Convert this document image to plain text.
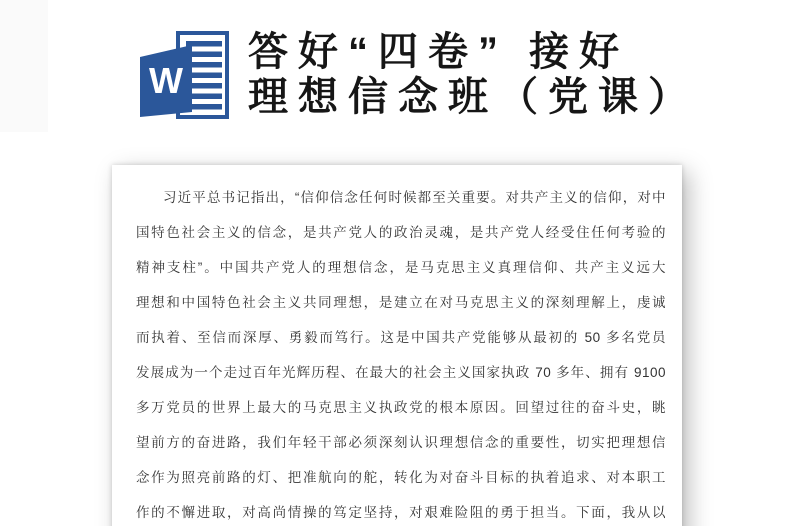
W
答好“四卷” 接好
理想信念班（党课）

习近平总书记指出，“信仰信念任何时候都至关重要。对共产主义的信仰，对中

国特色社会主义的信念，是共产党人的政治灵魂，是共产党人经受住任何考验的

精神支柱”。中国共产党人的理想信念，是马克思主义真理信仰、共产主义远大

理想和中国特色社会主义共同理想，是建立在对马克思主义的深刻理解上，虔诚

而执着、至信而深厚、勇毅而笃行。这是中国共产党能够从最初的 50 多名党员

发展成为一个走过百年光辉历程、在最大的社会主义国家执政 70 多年、拥有 9100

多万党员的世界上最大的马克思主义执政党的根本原因。回望过往的奋斗史，眺

望前方的奋进路，我们年轻干部必须深刻认识理想信念的重要性，切实把理想信

念作为照亮前路的灯、把准航向的舵，转化为对奋斗目标的执着追求、对本职工

作的不懈进取，对高尚情操的笃定坚持，对艰难险阻的勇于担当。下面，我从以
